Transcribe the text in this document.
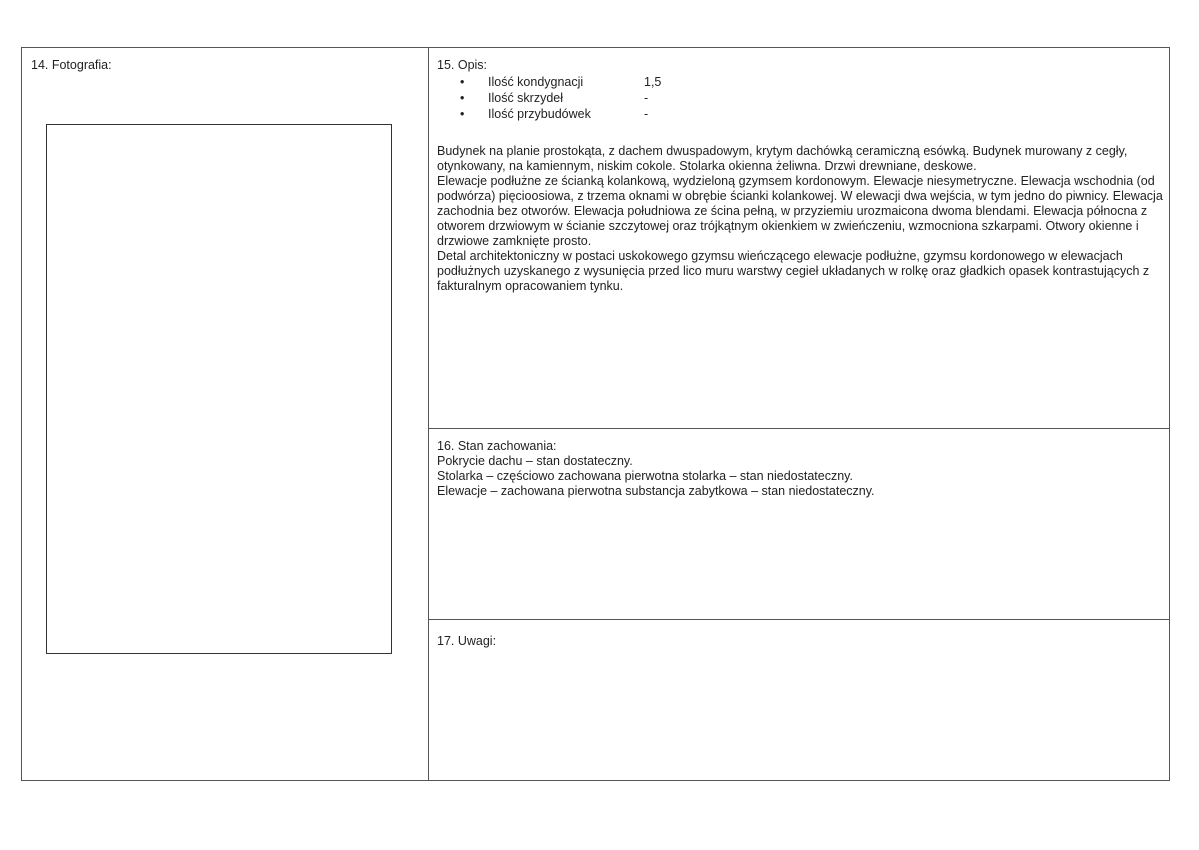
14. Fotografia:	15. Opis:
•	Ilość kondygnacji	1,5
•	Ilość skrzydeł	-
•	Ilość przybudówek	-

Budynek na planie prostokąta, z dachem dwuspadowym, krytym dachówką ceramiczną esówką. Budynek murowany z cegły, otynkowany, na kamiennym, niskim cokole. Stolarka okienna żeliwna. Drzwi drewniane, deskowe.

Elewacje podłużne ze ścianką kolankową, wydzieloną gzymsem kordonowym. Elewacje niesymetryczne. Elewacja wschodnia (od podwórza) pięcioosiowa, z trzema oknami w obrębie ścianki kolankowej. W elewacji dwa wejścia, w tym jedno do piwnicy. Elewacja zachodnia bez otworów. Elewacja południowa ze ścina pełną, w przyziemiu urozmaicona dwoma blendami. Elewacja północna z otworem drzwiowym w ścianie szczytowej oraz trójkątnym okienkiem w zwieńczeniu, wzmocniona szkarpami. Otwory okienne i drzwiowe zamknięte prosto.

Detal architektoniczny w postaci uskokowego gzymsu wieńczącego elewacje podłużne, gzymsu kordonowego w elewacjach podłużnych uzyskanego z wysunięcia przed lico muru warstwy cegieł układanych w rolkę oraz gładkich opasek kontrastujących z fakturalnym opracowaniem tynku.

16. Stan zachowania:
Pokrycie dachu – stan dostateczny.
Stolarka – częściowo zachowana pierwotna stolarka – stan niedostateczny.
Elewacje – zachowana pierwotna substancja zabytkowa – stan niedostateczny.
17. Uwagi:
